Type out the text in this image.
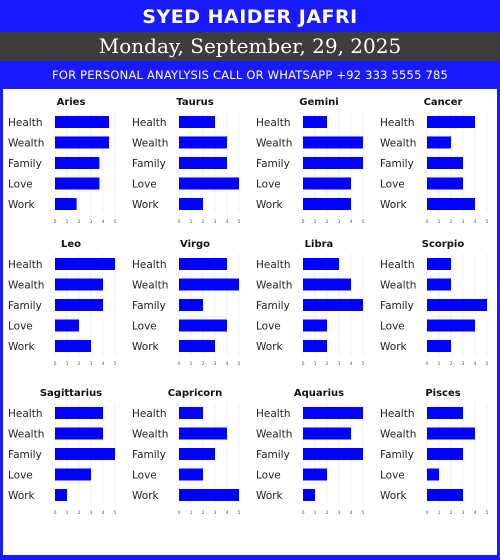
SYED HAIDER JAFRI
Monday, September, 29, 2025
FOR PERSONAL ANAYLYSIS CALL OR WHATSAPP +92 333 5555 785
Aries
0 1 2 3 4 5
Health
Wealth
Family
Love
Work
Taurus
0 1 2 3 4 5
Health
Wealth
Family
Love
Work
Gemini
0 1 2 3 4 5
Health
Wealth
Family
Love
Work
Cancer
0 1 2 3 4 5
Health
Wealth
Family
Love
Work
Leo
0 1 2 3 4 5
Health
Wealth
Family
Love
Work
Virgo
0 1 2 3 4 5
Health
Wealth
Family
Love
Work
Libra
0 1 2 3 4 5
Health
Wealth
Family
Love
Work
Scorpio
0 1 2 3 4 5
Health
Wealth
Family
Love
Work
Sagittarius
0 1 2 3 4 5
Health
Wealth
Family
Love
Work
Capricorn
0 1 2 3 4 5
Health
Wealth
Family
Love
Work
Aquarius
0 1 2 3 4 5
Health
Wealth
Family
Love
Work
Pisces
0 1 2 3 4 5
Health
Wealth
Family
Love
Work
